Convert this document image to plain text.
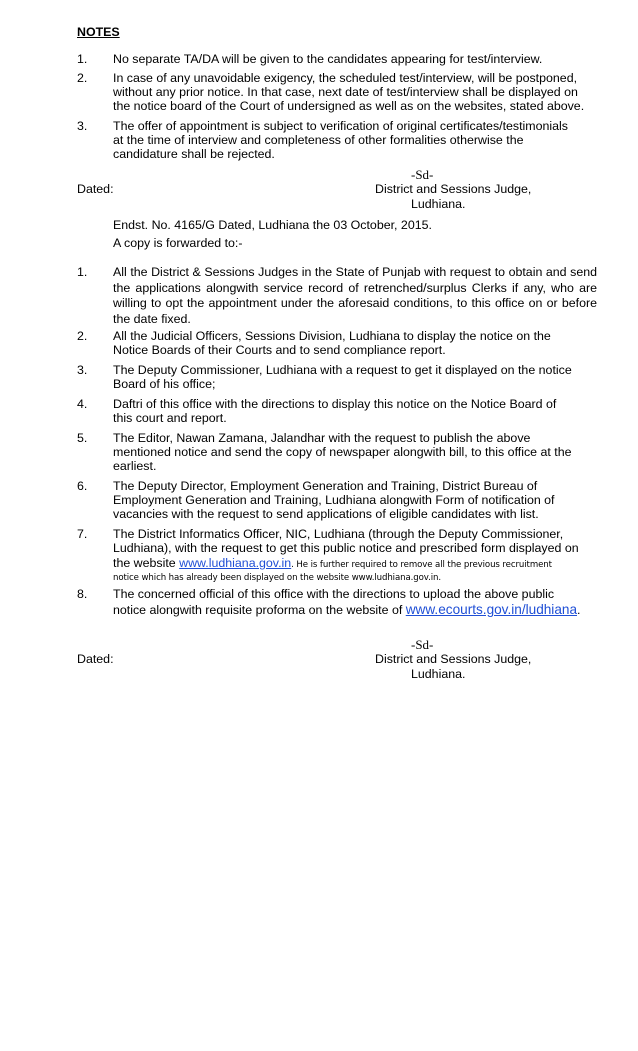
NOTES
1. No separate TA/DA will be given to the candidates appearing for test/interview.
2. In case of any unavoidable exigency, the scheduled test/interview, will be postponed,
without any prior notice. In that case, next date of test/interview shall be displayed on
the notice board of the Court of undersigned as well as on the websites, stated above.
3. The offer of appointment is subject to verification of original certificates/testimonials
at the time of interview and completeness of other formalities otherwise the
candidature shall be rejected.
-Sd-
Dated:	District and Sessions Judge,
Ludhiana.
Endst. No. 4165/G Dated, Ludhiana the 03 October, 2015.
A copy is forwarded to:-
1. All the District & Sessions Judges in the State of Punjab with request to obtain and send the applications alongwith service record of retrenched/surplus Clerks if any, who are willing to opt the appointment under the aforesaid conditions, to this office on or before the date fixed.
2. All the Judicial Officers, Sessions Division, Ludhiana to display the notice on the
Notice Boards of their Courts and to send compliance report.
3. The Deputy Commissioner, Ludhiana with a request to get it displayed on the notice
Board of his office;
4. Daftri of this office with the directions to display this notice on the Notice Board of
this court and report.
5. The Editor, Nawan Zamana, Jalandhar with the request to publish the above
mentioned notice and send the copy of newspaper alongwith bill, to this office at the
earliest.
6. The Deputy Director, Employment Generation and Training, District Bureau of
Employment Generation and Training, Ludhiana alongwith Form of notification of
vacancies with the request to send applications of eligible candidates with list.
7. The District Informatics Officer, NIC, Ludhiana (through the Deputy Commissioner,
Ludhiana), with the request to get this public notice and prescribed form displayed on
the website www.ludhiana.gov.in. He is further required to remove all the previous recruitment
notice which has already been displayed on the website www.ludhiana.gov.in.
8. The concerned official of this office with the directions to upload the above public
notice alongwith requisite proforma on the website of www.ecourts.gov.in/ludhiana.
-Sd-
Dated:	District and Sessions Judge,
Ludhiana.
